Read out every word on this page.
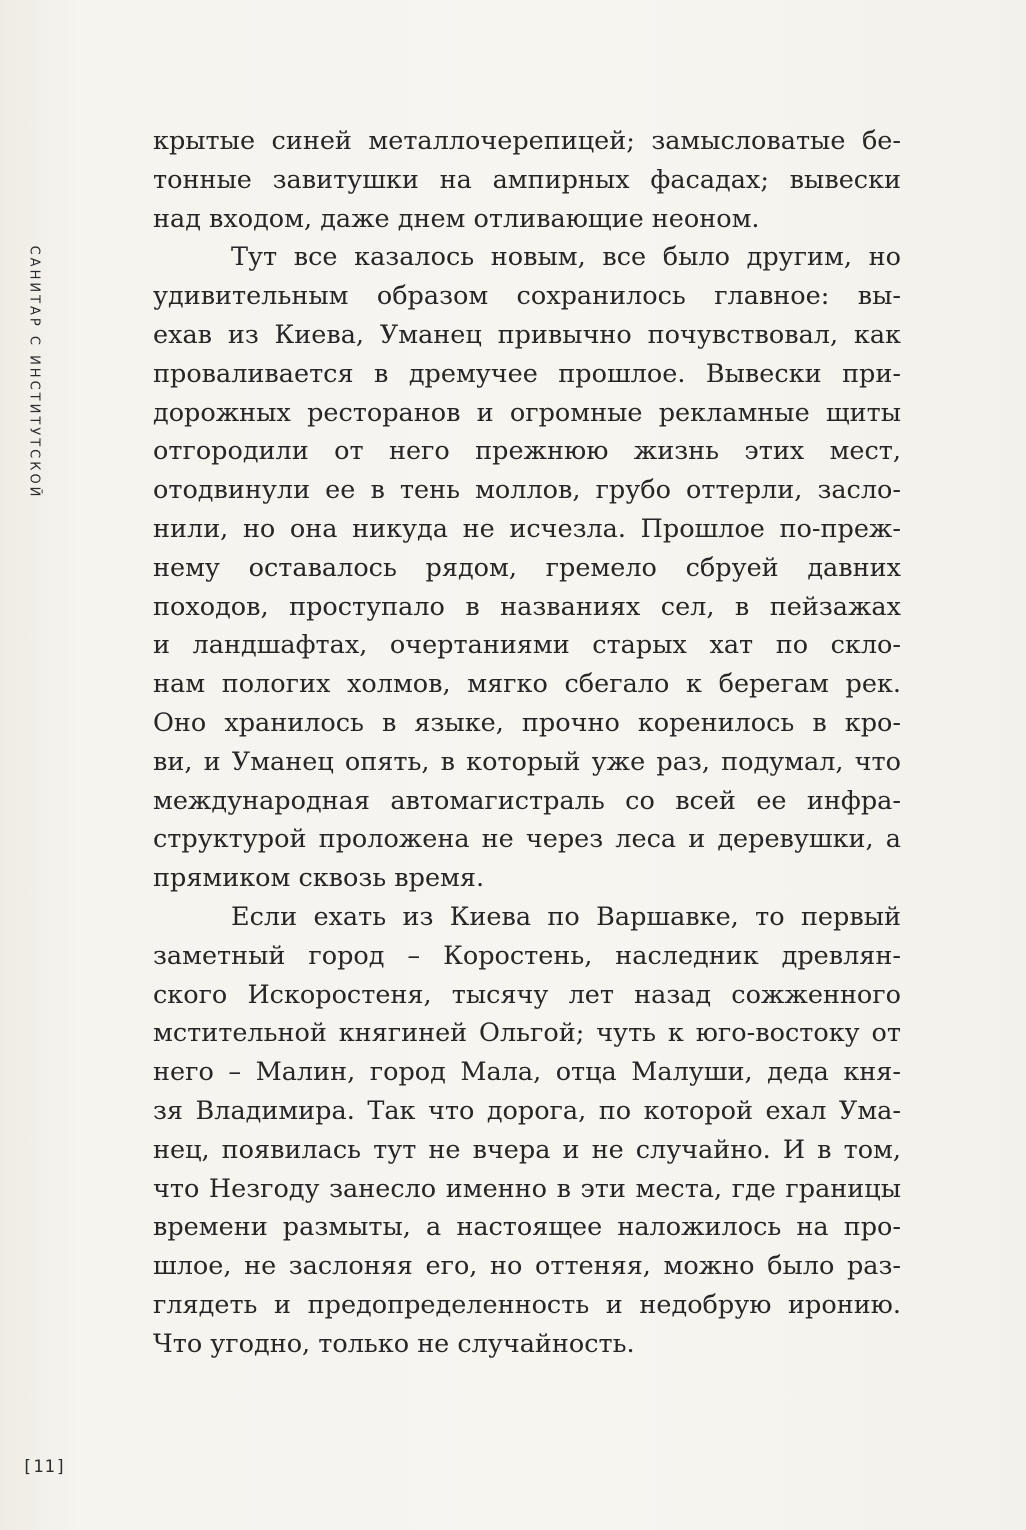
САНИТАР С ИНСТИТУТСКОЙ
крытые синей металлочерепицей; замысловатые бе-
тонные завитушки на ампирных фасадах; вывески
над входом, даже днем отливающие неоном.
Тут все казалось новым, все было другим, но
удивительным образом сохранилось главное: вы-
ехав из Киева, Уманец привычно почувствовал, как
проваливается в дремучее прошлое. Вывески при-
дорожных ресторанов и огромные рекламные щиты
отгородили от него прежнюю жизнь этих мест,
отодвинули ее в тень моллов, грубо оттерли, засло-
нили, но она никуда не исчезла. Прошлое по-преж-
нему оставалось рядом, гремело сбруей давних
походов, проступало в названиях сел, в пейзажах
и ландшафтах, очертаниями старых хат по скло-
нам пологих холмов, мягко сбегало к берегам рек.
Оно хранилось в языке, прочно коренилось в кро-
ви, и Уманец опять, в который уже раз, подумал, что
международная автомагистраль со всей ее инфра-
структурой проложена не через леса и деревушки, а
прямиком сквозь время.
Если ехать из Киева по Варшавке, то первый
заметный город – Коростень, наследник древлян-
ского Искоростеня, тысячу лет назад сожженного
мстительной княгиней Ольгой; чуть к юго-востоку от
него – Малин, город Мала, отца Малуши, деда кня-
зя Владимира. Так что дорога, по которой ехал Ума-
нец, появилась тут не вчера и не случайно. И в том,
что Незгоду занесло именно в эти места, где границы
времени размыты, а настоящее наложилось на про-
шлое, не заслоняя его, но оттеняя, можно было раз-
глядеть и предопределенность и недобрую иронию.
Что угодно, только не случайность.
[11]
